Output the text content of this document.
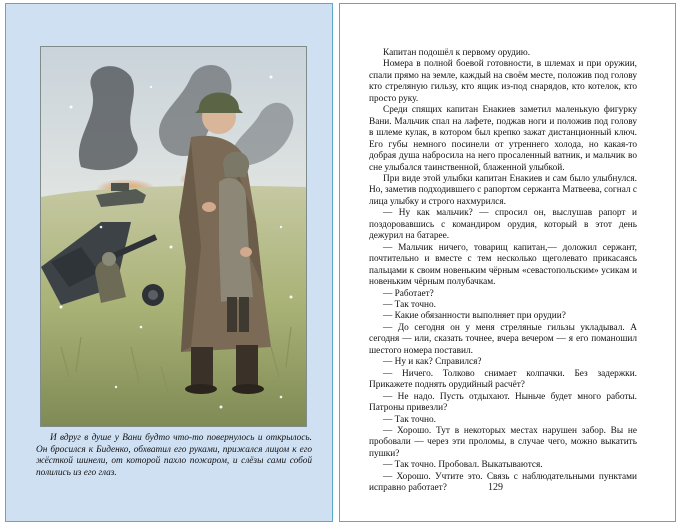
И вдруг в душе у Вани будто что-то повернулось и открылось. Он бросился к Биденко, обхватил его руками, прижался лицом к его жёсткой шинели, от которой пахло пожаром, и слёзы сами собой полились из его глаз.

Капитан подошёл к первому орудию.

Номера в полной боевой готовности, в шлемах и при оружии, спали прямо на земле, каждый на своём месте, положив под голову кто стреляную гильзу, кто ящик из-под снарядов, кто котелок, кто просто руку.

Среди спящих капитан Енакиев заметил маленькую фигурку Вани. Мальчик спал на лафете, поджав ноги и положив под голову в шлеме кулак, в котором был крепко зажат дистанционный ключ. Его губы немного посинели от утреннего холода, но какая-то добрая душа набросила на него просаленный ватник, и мальчик во сне улыбался таинственной, блаженной улыбкой.

При виде этой улыбки капитан Енакиев и сам было улыбнулся. Но, заметив подходившего с рапортом сержанта Матвеева, согнал с лица улыбку и строго нахмурился.

— Ну как мальчик? — спросил он, выслушав рапорт и поздоровавшись с командиром орудия, который в этот день дежурил на батарее.

— Мальчик ничего, товарищ капитан,— доложил сержант, почтительно и вместе с тем несколько щеголевато прикасаясь пальцами к своим новеньким чёрным «севастопольским» усикам и новеньким чёрным полубачкам.

— Работает?

— Так точно.

— Какие обязанности выполняет при орудии?

— До сегодня он у меня стреляные гильзы укладывал. А сегодня — или, сказать точнее, вчера вечером — я его поманошил шестого номера поставил.

— Ну и как? Справился?

— Ничего. Толково снимает колпачки. Без задержки. Прикажете поднять орудийный расчёт?

— Не надо. Пусть отдыхают. Ныньче будет много работы. Патроны привезли?

— Так точно.

— Хорошо. Тут в некоторых местах нарушен забор. Вы не пробовали — через эти проломы, в случае чего, можно выкатить пушки?

— Так точно. Пробовал. Выкатываются.

— Хорошо. Учтите это. Связь с наблюдательными пунктами исправно работает?	129
